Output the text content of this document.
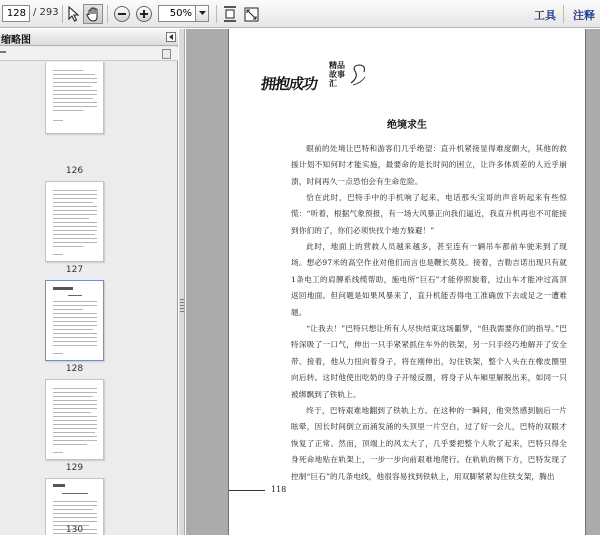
128
/ 293
50%	工具 注释
缩略图
126
127
128
129
130
拥抱成功
精品故事汇
绝境求生

眼前的处境让巴特和游客们几乎绝望：直升机紧接显得难度颇大，其他的救援计划不知何时才能实施，最要命的是长时间的困立，让许多体质差的人近乎崩溃，时间再久一点恐怕会有生命危险。

恰在此时，巴特手中的手机响了起来，电话那头宝哥的声音听起来有些惊慌：“听着，根据气象预报，有一场大风暴正向我们逼近，我直升机再也不可能接到你们的了，你们必须快找个地方躲避！”

此时，地面上的营救人员越来越多，甚至连有一辆吊车都前车驶来到了现场。想必97米的高空作业对他们而言也是鞭长莫及。接着，吉勒吉诺出现只有就1条电工的肩膊系线缆帮助，施电所“巨石”才能停照旋着，过山车才能冲过高顶返回地面。但问题是如果风暴来了，直升机能否得电工准确放下去或足之一遭难题。

“让我去！”巴特只想让所有人尽快结束这场噩梦，“但我需要你们的指导。”巴特深吸了一口气，伸出一只手紧紧抓住车外的铁架，另一只手经巧地解开了安全带。接着，他从力扭向着身子，将在刚伸出，勾住铁架，整个人头在在橡皮圈里向后转。这时他使出吃奶的身子开缓反圈，将身子从车厢里解脱出来，如同一只被绑飘到了铁轨上。

终于，巴特艰难地翻到了铁轨上方。在这种的一瞬间，他突然感到脑后一片眩晕，因长时间倒立而涌发涌的头顶里一片空白，过了好一会儿，巴特的双眼才恢复了正常。然而，顶端上的风太大了，几乎要把整个人吹了起来，巴特只得全身死命地贴在轨架上，一步一步向前艰难地爬行。在轨轨的侧下方，巴特发现了控制“巨石”的几条电线，他很容易找到铁轨上，用双脚紧紧勾住铁支架，腾出

118
